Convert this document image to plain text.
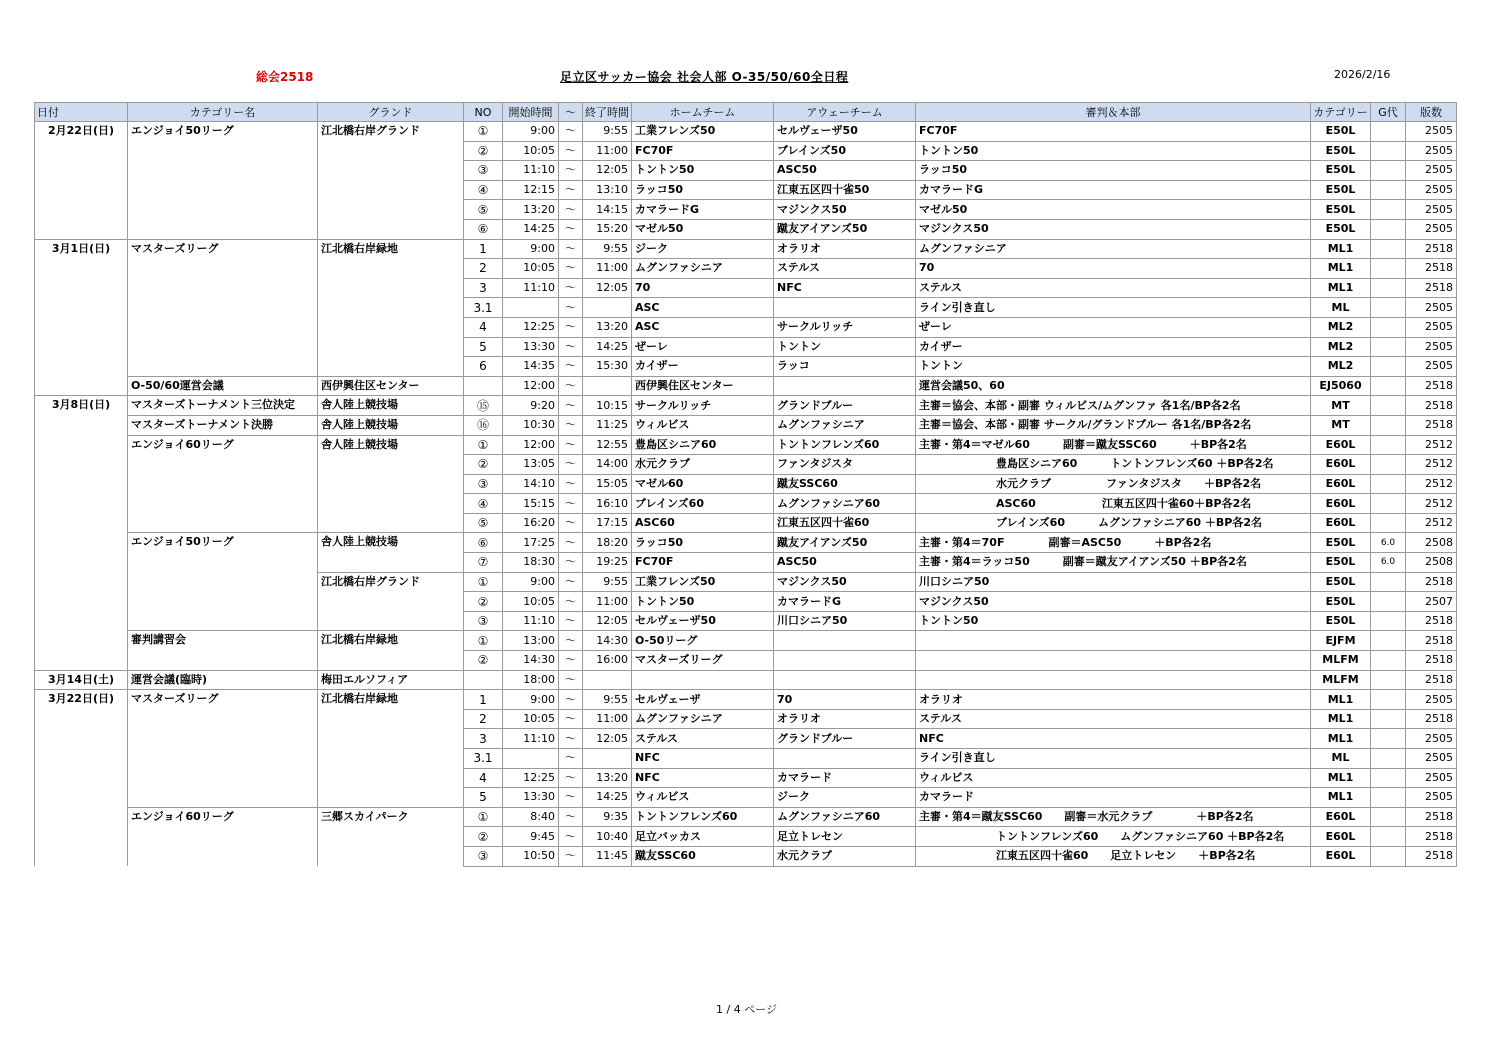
総会2518	足立区サッカー協会 社会人部 O-35/50/60全日程	2026/2/16
日付	カテゴリー名	グランド	NO	開始時間	～	終了時間	ホームチーム	アウェーチーム	審判＆本部	カテゴリー	G代	版数
2月22日(日)	エンジョイ50リーグ	江北橋右岸グランド	①	9:00	～	9:55	工業フレンズ50	セルヴェーザ50	FC70F	E50L		2505
			②	10:05	～	11:00	FC70F	ブレインズ50	トントン50	E50L		2505
			③	11:10	～	12:05	トントン50	ASC50	ラッコ50	E50L		2505
			④	12:15	～	13:10	ラッコ50	江東五区四十雀50	カマラードG	E50L		2505
			⑤	13:20	～	14:15	カマラードG	マジンクス50	マゼル50	E50L		2505
			⑥	14:25	～	15:20	マゼル50	蹴友アイアンズ50	マジンクス50	E50L		2505
3月1日(日)	マスターズリーグ	江北橋右岸緑地	1	9:00	～	9:55	ジーク	オラリオ	ムグンファシニア	ML1		2518
			2	10:05	～	11:00	ムグンファシニア	ステルス	70	ML1		2518
			3	11:10	～	12:05	70	NFC	ステルス	ML1		2518
			3.1		～		ASC		ライン引き直し	ML		2505
			4	12:25	～	13:20	ASC	サークルリッチ	ぜーレ	ML2		2505
			5	13:30	～	14:25	ぜーレ	トントン	カイザー	ML2		2505
			6	14:35	～	15:30	カイザー	ラッコ	トントン	ML2		2505
	O-50/60運営会議	西伊興住区センター		12:00	～		西伊興住区センター		運営会議50、60	EJ5060		2518
3月8日(日)	マスターズトーナメント三位決定	舎人陸上競技場	⑮	9:20	～	10:15	サークルリッチ	グランドブルー	主審＝協会、本部・副審 ウィルビス/ムグンファ 各1名/BP各2名	MT		2518
	マスターズトーナメント決勝	舎人陸上競技場	⑯	10:30	～	11:25	ウィルビス	ムグンファシニア	主審＝協会、本部・副審 サークル/グランドブルー 各1名/BP各2名	MT		2518
	エンジョイ60リーグ	舎人陸上競技場	①	12:00	～	12:55	豊島区シニア60	トントンフレンズ60	主審・第4＝マゼル60　　　副審＝蹴友SSC60　　　＋BP各2名	E60L		2512
			②	13:05	～	14:00	水元クラブ	ファンタジスタ	　　　　　　　豊島区シニア60　　　トントンフレンズ60 ＋BP各2名	E60L		2512
			③	14:10	～	15:05	マゼル60	蹴友SSC60	　　　　　　　水元クラブ　　　　　ファンタジスタ　　＋BP各2名	E60L		2512
			④	15:15	～	16:10	ブレインズ60	ムグンファシニア60	　　　　　　　ASC60　　　　　　江東五区四十雀60＋BP各2名	E60L		2512
			⑤	16:20	～	17:15	ASC60	江東五区四十雀60	　　　　　　　ブレインズ60　　　ムグンファシニア60 ＋BP各2名	E60L		2512
	エンジョイ50リーグ	舎人陸上競技場	⑥	17:25	～	18:20	ラッコ50	蹴友アイアンズ50	主審・第4＝70F　　　　副審＝ASC50　　　＋BP各2名	E50L	6.0	2508
			⑦	18:30	～	19:25	FC70F	ASC50	主審・第4＝ラッコ50　　　副審＝蹴友アイアンズ50 ＋BP各2名	E50L	6.0	2508
		江北橋右岸グランド	①	9:00	～	9:55	工業フレンズ50	マジンクス50	川口シニア50	E50L		2518
			②	10:05	～	11:00	トントン50	カマラードG	マジンクス50	E50L		2507
			③	11:10	～	12:05	セルヴェーザ50	川口シニア50	トントン50	E50L		2518
	審判講習会	江北橋右岸緑地	①	13:00	～	14:30	O-50リーグ			EJFM		2518
			②	14:30	～	16:00	マスターズリーグ			MLFM		2518
3月14日(土)	運営会議(臨時)	梅田エルソフィア		18:00	～					MLFM		2518
3月22日(日)	マスターズリーグ	江北橋右岸緑地	1	9:00	～	9:55	セルヴェーザ	70	オラリオ	ML1		2505
			2	10:05	～	11:00	ムグンファシニア	オラリオ	ステルス	ML1		2518
			3	11:10	～	12:05	ステルス	グランドブルー	NFC	ML1		2505
			3.1		～		NFC		ライン引き直し	ML		2505
			4	12:25	～	13:20	NFC	カマラード	ウィルビス	ML1		2505
			5	13:30	～	14:25	ウィルビス	ジーク	カマラード	ML1		2505
	エンジョイ60リーグ	三郷スカイパーク	①	8:40	～	9:35	トントンフレンズ60	ムグンファシニア60	主審・第4＝蹴友SSC60　　副審＝水元クラブ　　　　＋BP各2名	E60L		2518
			②	9:45	～	10:40	足立バッカス	足立トレセン	　　　　　　　トントンフレンズ60　　ムグンファシニア60 ＋BP各2名	E60L		2518
			③	10:50	～	11:45	蹴友SSC60	水元クラブ	　　　　　　　江東五区四十雀60　　足立トレセン　　＋BP各2名	E60L		2518
1 / 4 ページ
